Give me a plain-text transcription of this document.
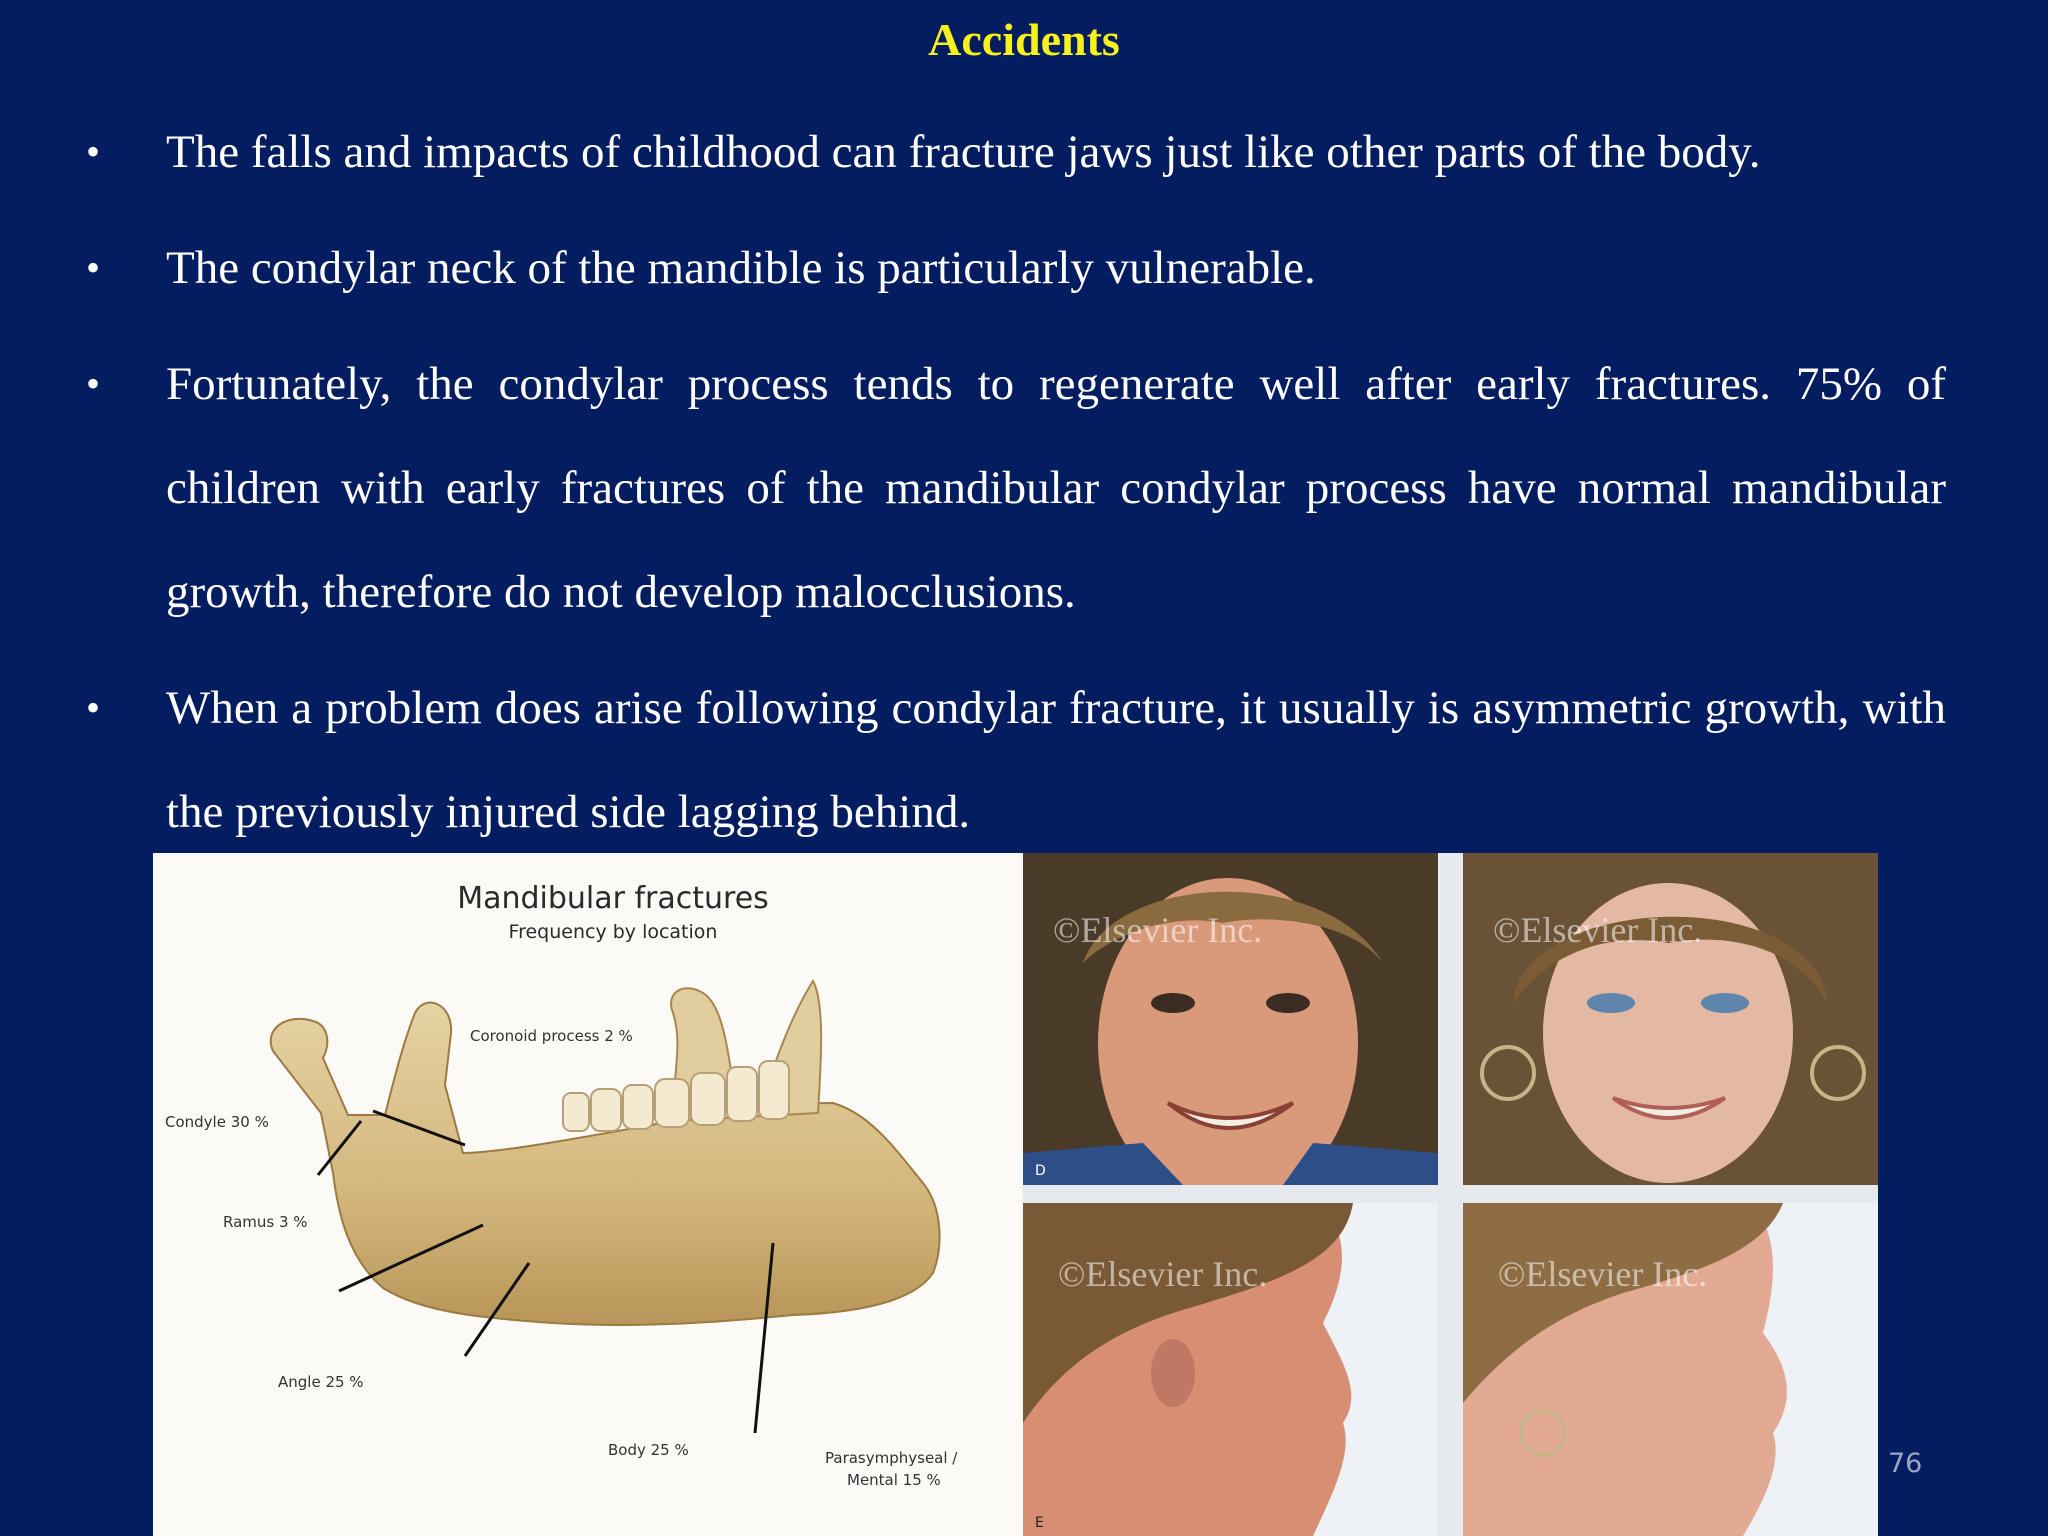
Accidents
• The falls and impacts of childhood can fracture jaws just like other parts of the body.
• The condylar neck of the mandible is particularly vulnerable.
• Fortunately, the condylar process tends to regenerate well after early fractures. 75% of children with early fractures of the mandibular condylar process have normal mandibular growth, therefore do not develop malocclusions.
• When a problem does arise following condylar fracture, it usually is asymmetric growth, with the previously injured side lagging behind.
Mandibular fractures
Frequency by location
Coronoid process 2 %
Condyle 30 %
Ramus 3 %
Angle 25 %
Body 25 %	Parasymphyseal /
Mental 15 %
©Elsevier Inc.
D
©Elsevier Inc.
©Elsevier Inc.
E
©Elsevier Inc.
76
